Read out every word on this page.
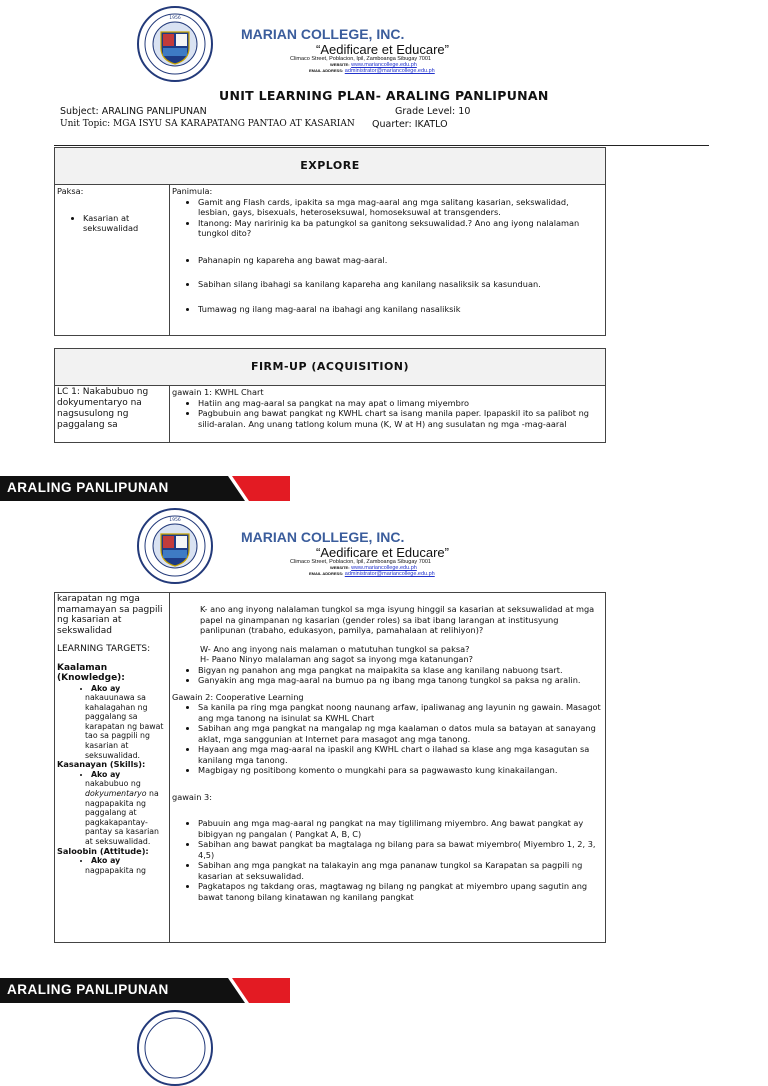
1956
MARIAN COLLEGE, INC.
“Aedificare et Educare”
Climaco Street, Poblacion, Ipil, Zamboanga Sibugay 7001
WEBSITE: www.mariancollege.edu.ph
EMAIL ADDRESS: administrator@mariancollege.edu.ph
UNIT LEARNING PLAN- ARALING PANLIPUNAN
Subject: ARALING PANLIPUNAN	Grade Level: 10
Unit Topic: MGA ISYU SA KARAPATANG PANTAO AT KASARIAN Quarter: IKATLO
EXPLORE

Paksa:
• Kasarian at seksuwalidad

Panimula:
• Gamit ang Flash cards, ipakita sa mga mag-aaral ang mga salitang kasarian, sekswalidad, lesbian, gays, bisexuals, heteroseksuwal, homoseksuwal at transgenders.
• Itanong: May naririnig ka ba patungkol sa ganitong seksuwalidad.? Ano ang iyong nalalaman tungkol dito?
• Pahanapin ng kapareha ang bawat mag-aaral.
• Sabihan silang ibahagi sa kanilang kapareha ang kanilang nasaliksik sa kasunduan.
• Tumawag ng ilang mag-aaral na ibahagi ang kanilang nasaliksik
FIRM-UP (ACQUISITION)
LC 1: Nakabubuo ng dokyumentaryo na nagsusulong ng paggalang sa	
gawain 1: KWHL Chart
• Hatiin ang mag-aaral sa pangkat na may apat o limang miyembro
• Pagbubuin ang bawat pangkat ng KWHL chart sa isang manila paper. Ipapaskil ito sa palibot ng silid-aralan. Ang unang tatlong kolum muna (K, W at H) ang susulatan ng mga -mag-aaral
ARALING PANLIPUNAN
1956
MARIAN COLLEGE, INC.
“Aedificare et Educare”
Climaco Street, Poblacion, Ipil, Zamboanga Sibugay 7001
WEBSITE: www.mariancollege.edu.ph
EMAIL ADDRESS: administrator@mariancollege.edu.ph
karapatan ng mga mamamayan sa pagpili ng kasarian at sekswalidad
LEARNING TARGETS:
Kaalaman (Knowledge):
• Ako ay
nakauunawa sa kahalagahan ng paggalang sa karapatan ng bawat tao sa pagpili ng kasarian at seksuwalidad.
Kasanayan (Skills):
• Ako ay
nakabubuo ng dokyumentaryo na nagpapakita ng paggalang at pagkakapantay-pantay sa kasarian at seksuwalidad.
Saloobin (Attitude):
• Ako ay
nagpapakita ng

K- ano ang inyong nalalaman tungkol sa mga isyung hinggil sa kasarian at seksuwalidad at mga papel na ginampanan ng kasarian (gender roles) sa ibat ibang larangan at institusyung panlipunan (trabaho, edukasyon, pamilya, pamahalaan at relihiyon)?
W- Ano ang inyong nais malaman o matutuhan tungkol sa paksa?
H- Paano Ninyo malalaman ang sagot sa inyong mga katanungan?
• Bigyan ng panahon ang mga pangkat na maipakita sa klase ang kanilang nabuong tsart.
• Ganyakin ang mga mag-aaral na bumuo pa ng ibang mga tanong tungkol sa paksa ng aralin.
Gawain 2: Cooperative Learning
• Sa kanila pa ring mga pangkat noong naunang arfaw, ipaliwanag ang layunin ng gawain. Masagot ang mga tanong na isinulat sa KWHL Chart
• Sabihan ang mga pangkat na mangalap ng mga kaalaman o datos mula sa batayan at sanayang aklat, mga sanggunian at Internet para masagot ang mga tanong.
• Hayaan ang mga mag-aaral na ipaskil ang KWHL chart o ilahad sa klase ang mga kasagutan sa kanilang mga tanong.
• Magbigay ng positibong komento o mungkahi para sa pagwawasto kung kinakailangan.
gawain 3:
• Pabuuin ang mga mag-aaral ng pangkat na may tiglilimang miyembro. Ang bawat pangkat ay bibigyan ng pangalan ( Pangkat A, B, C)
• Sabihan ang bawat pangkat ba magtalaga ng bilang para sa bawat miyembro( Miyembro 1, 2, 3, 4,5)
• Sabihan ang mga pangkat na talakayin ang mga pananaw tungkol sa Karapatan sa pagpili ng kasarian at seksuwalidad.
• Pagkatapos ng takdang oras, magtawag ng bilang ng pangkat at miyembro upang sagutin ang bawat tanong bilang kinatawan ng kanilang pangkat
ARALING PANLIPUNAN
